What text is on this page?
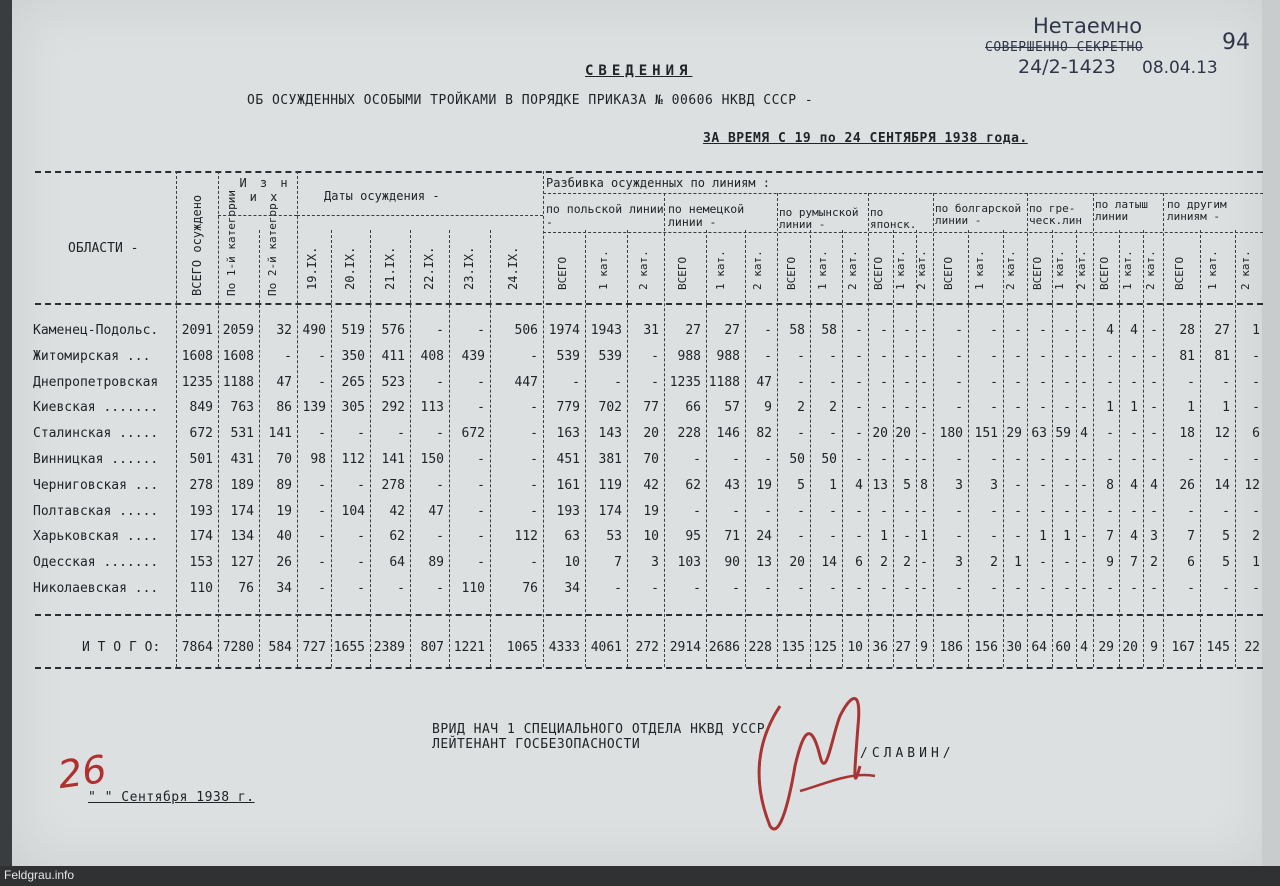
Нетаемно
СОВЕРШЕННО СЕКРЕТНО
24/2-1423 08.04.13
94
СВЕДЕНИЯ
ОБ ОСУЖДЕННЫХ ОСОБЫМИ ТРОЙКАМИ В ПОРЯДКЕ ПРИКАЗА № 00606 НКВД СССР -
ЗА ВРЕМЯ С 19 по 24 СЕНТЯБРЯ 1938 года.
ОБЛАСТИ -	ВСЕГО осуждено
И з н и х
По 1-й категории	По 2-й категор.
Даты осуждения -
19.IX. 20.IX. 21.IX. 22.IX. 23.IX.	24.IX.
Разбивка осужденных по линиям :
по польской линии -
по немецкой линии -
по румынской линии -
по японск.
по болгарской линии -
по гре-ческ.лин
по латыш линии
по другим линиям -
ВСЕГО 1 кат. 2 кат. ВСЕГО 1 кат. 2 кат. ВСЕГО 1 кат. 2 кат. ВСЕГО 1 кат. 2 кат. ВСЕГО 1 кат. 2 кат. ВСЕГО 1 кат. 2 кат. ВСЕГО 1 кат. 2 кат. ВСЕГО 1 кат. 2 кат.
Каменец-Подольс. 2091 2059 32 490 519 576 -	- 506 1974 1943 31 27 27 - 58 58 - - - - - - - - - - 4 4 - 28 27 1
Житомирская ... 1608 1608 - - 350 411 408 439	- 539 539 - 988 988 - - - - - - - - - - - - - - - - 81 81 -
Днепропетровская 1235 1188 47 - 265 523 -	- 447	-	- - 1235 1188 47 - - - - - - - - - - - - - - - - - -
Киевская ....... 849 763 86 139 305 292 113	-	- 779 702 77 66 57 9 2 2 - - - - - - - - - - 1 1 - 1 1 -
Сталинская ..... 672 531 141 - - - - 672	- 163 143 20 228 146 82 - - - 20 20 - 180 151 29 63 59 4 - - - 18 12 6
Винницкая ...... 501 431 70 98 112 141 150	-	- 451 381 70	- - - 50 50 - - - - - - - - - - - - - - - -
Черниговская ... 278 189 89 - - 278 -	-	- 161 119 42 62 43 19 5 1 4 13 5 8 3 3 - - - - 8 4 4 26 14 12
Полтавская ..... 193 174 19 - 104 42 47	-	- 193 174 19	- - - - - - - - - - - - - - - - - - - - -
Харьковская .... 174 134 40 - - 62 -	- 112 63 53 10 95 71 24 - - - 1 - 1 - - - 1 1 - 7 4 3 7 5 2
Одесская ....... 153 127 26 - - 64 89	-	- 10	7 3 103 90 13 20 14 6 2 2 - 3 2 1 - - - 9 7 2 6 5 1
Николаевская ... 110 76 34 - - - - 110	76 34	- -	- - - - - - - - - - - - - - - - - - - - -
И Т О Г О: 7864 7280 584 727 1655 2389 807 1221 1065 4333 4061 272 2914 2686 228 135 125 10 36 27 9 186 156 30 64 60 4 29 20 9 167 145 22
ВРИД НАЧ 1 СПЕЦИАЛЬНОГО ОТДЕЛА НКВД УССР
ЛЕЙТЕНАНТ ГОСБЕЗОПАСНОСТИ
/СЛАВИН/
26
" " Сентября 1938 г.
Feldgrau.info
